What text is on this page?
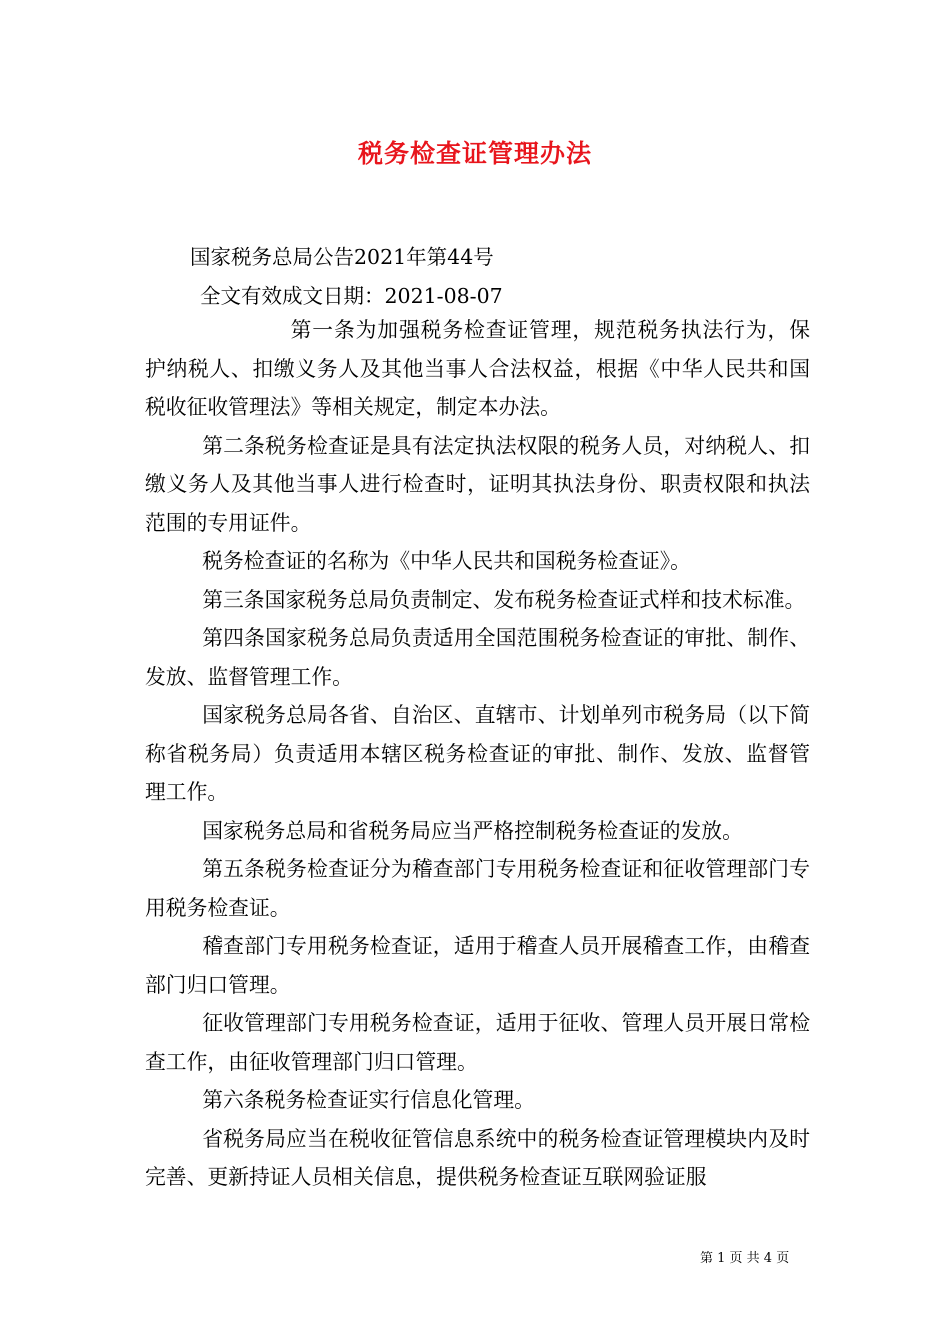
税务检查证管理办法
国家税务总局公告2021年第44号
全文有效成文日期：2021-08-07

第一条为加强税务检查证管理，规范税务执法行为，保护纳税人、扣缴义务人及其他当事人合法权益，根据《中华人民共和国税收征收管理法》等相关规定，制定本办法。

第二条税务检查证是具有法定执法权限的税务人员，对纳税人、扣缴义务人及其他当事人进行检查时，证明其执法身份、职责权限和执法范围的专用证件。

税务检查证的名称为《中华人民共和国税务检查证》。

第三条国家税务总局负责制定、发布税务检查证式样和技术标准。

第四条国家税务总局负责适用全国范围税务检查证的审批、制作、发放、监督管理工作。

国家税务总局各省、自治区、直辖市、计划单列市税务局（以下简称省税务局）负责适用本辖区税务检查证的审批、制作、发放、监督管理工作。

国家税务总局和省税务局应当严格控制税务检查证的发放。

第五条税务检查证分为稽查部门专用税务检查证和征收管理部门专用税务检查证。

稽查部门专用税务检查证，适用于稽查人员开展稽查工作，由稽查部门归口管理。

征收管理部门专用税务检查证，适用于征收、管理人员开展日常检查工作，由征收管理部门归口管理。

第六条税务检查证实行信息化管理。

省税务局应当在税收征管信息系统中的税务检查证管理模块内及时完善、更新持证人员相关信息，提供税务检查证互联网验证服

第 1 页 共 4 页
